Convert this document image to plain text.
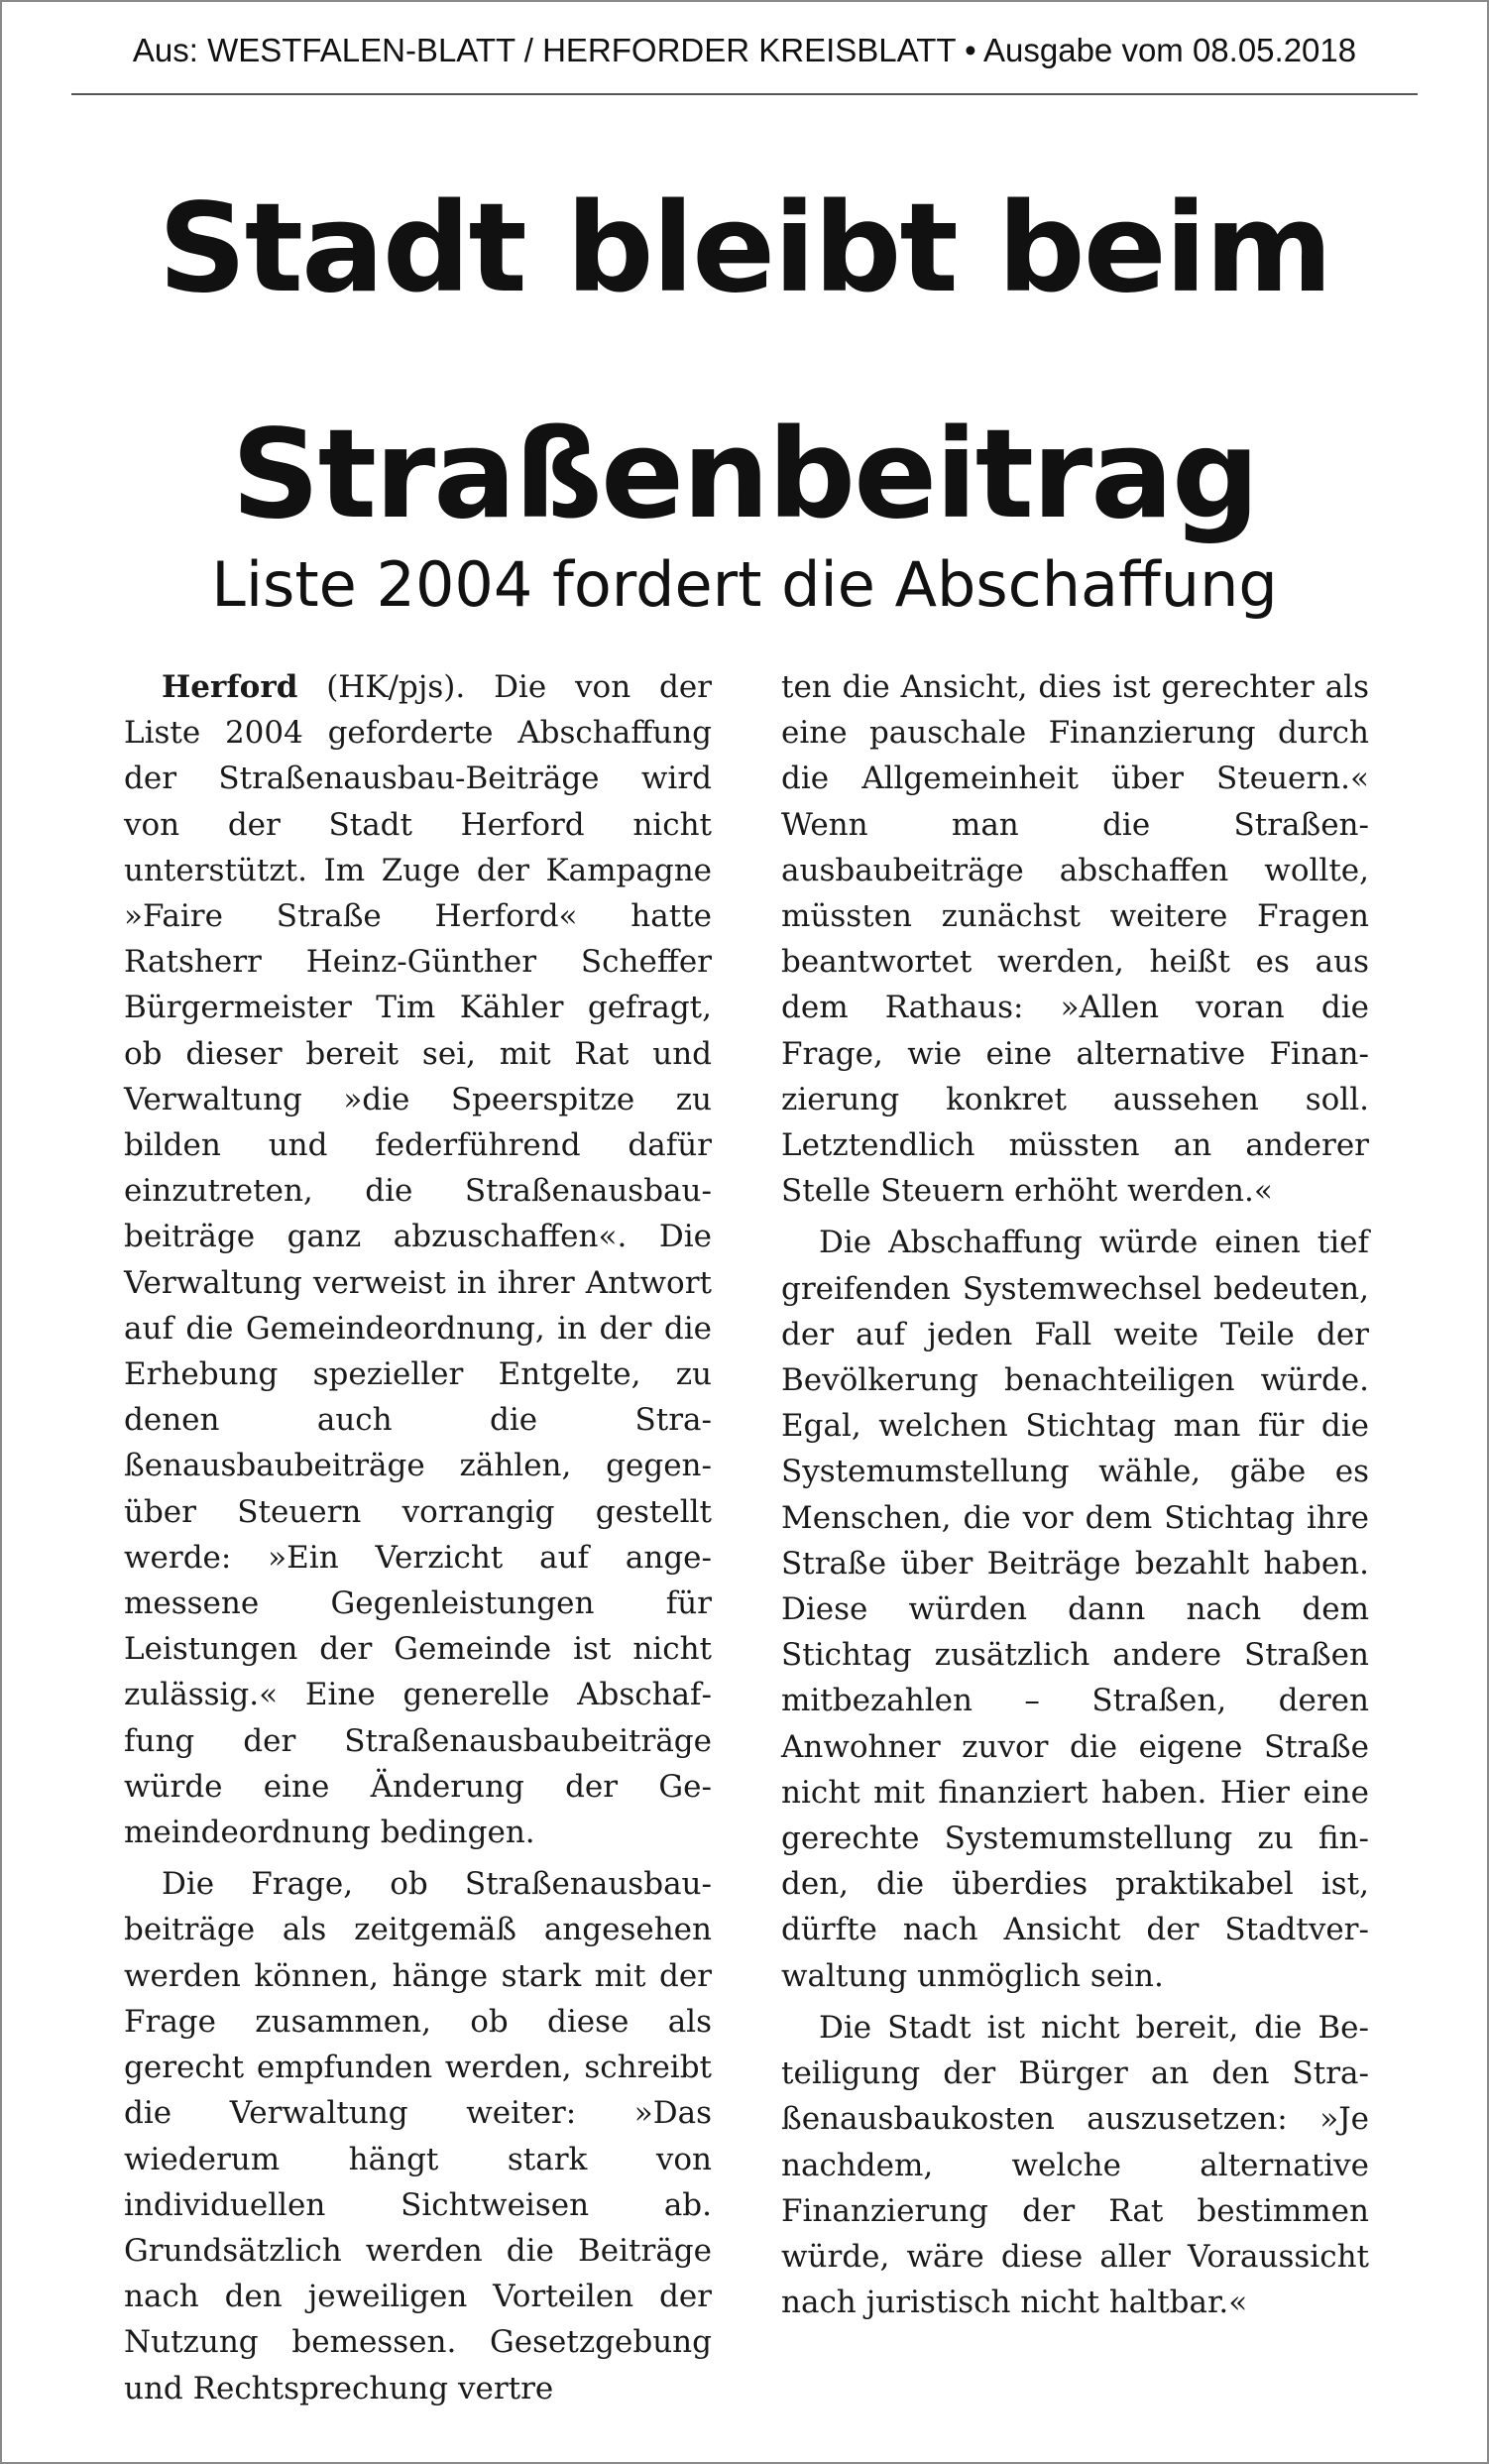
Aus: WESTFALEN-BLATT / HERFORDER KREISBLATT • Ausgabe vom 08.05.2018
Stadt bleibt beim
Straßenbeitrag
Liste 2004 fordert die Abschaffung

Herford (HK/pjs). Die von der Liste 2004 geforderte Abschaffung der Straßenausbau-Beiträge wird von der Stadt Herford nicht unterstützt. Im Zuge der Kampagne »Faire Straße Herford« hatte Ratsherr Heinz-Günther Scheffer Bürgermeister Tim Kähler gefragt, ob dieser bereit sei, mit Rat und Verwaltung »die Speerspitze zu bilden und federführend dafür einzutreten, die Straßenausbaubeiträge ganz abzuschaffen«. Die Verwaltung verweist in ihrer Antwort auf die Gemeindeordnung, in der die Erhebung spezieller Entgelte, zu denen auch die Straßenausbaubeiträge zählen, gegenüber Steuern vorrangig gestellt werde: »Ein Verzicht auf angemessene Gegenleistungen für Leistungen der Gemeinde ist nicht zulässig.« Eine generelle Abschaffung der Straßenausbaubeiträge würde eine Änderung der Gemeindeordnung bedingen.

Die Frage, ob Straßenausbaubeiträge als zeitgemäß angesehen werden können, hänge stark mit der Frage zusammen, ob diese als gerecht empfunden werden, schreibt die Verwaltung weiter: »Das wiederum hängt stark von individuellen Sichtweisen ab. Grundsätzlich werden die Beiträge nach den jeweiligen Vorteilen der Nutzung bemessen. Gesetzgebung und Rechtsprechung vertre

ten die Ansicht, dies ist gerechter als eine pauschale Finanzierung durch die Allgemeinheit über Steuern.« Wenn man die Straßenausbaubeiträge abschaffen wollte, müssten zunächst weitere Fragen beantwortet werden, heißt es aus dem Rathaus: »Allen voran die Frage, wie eine alternative Finanzierung konkret aussehen soll. Letztendlich müssten an anderer Stelle Steuern erhöht werden.«

Die Abschaffung würde einen tief greifenden Systemwechsel bedeuten, der auf jeden Fall weite Teile der Bevölkerung benachteiligen würde. Egal, welchen Stichtag man für die Systemumstellung wähle, gäbe es Menschen, die vor dem Stichtag ihre Straße über Beiträge bezahlt haben. Diese würden dann nach dem Stichtag zusätzlich andere Straßen mitbezahlen – Straßen, deren Anwohner zuvor die eigene Straße nicht mit finanziert haben. Hier eine gerechte Systemumstellung zu finden, die überdies praktikabel ist, dürfte nach Ansicht der Stadtverwaltung unmöglich sein.

Die Stadt ist nicht bereit, die Beteiligung der Bürger an den Straßenausbaukosten auszusetzen: »Je nachdem, welche alternative Finanzierung der Rat bestimmen würde, wäre diese aller Voraussicht nach juristisch nicht haltbar.«
